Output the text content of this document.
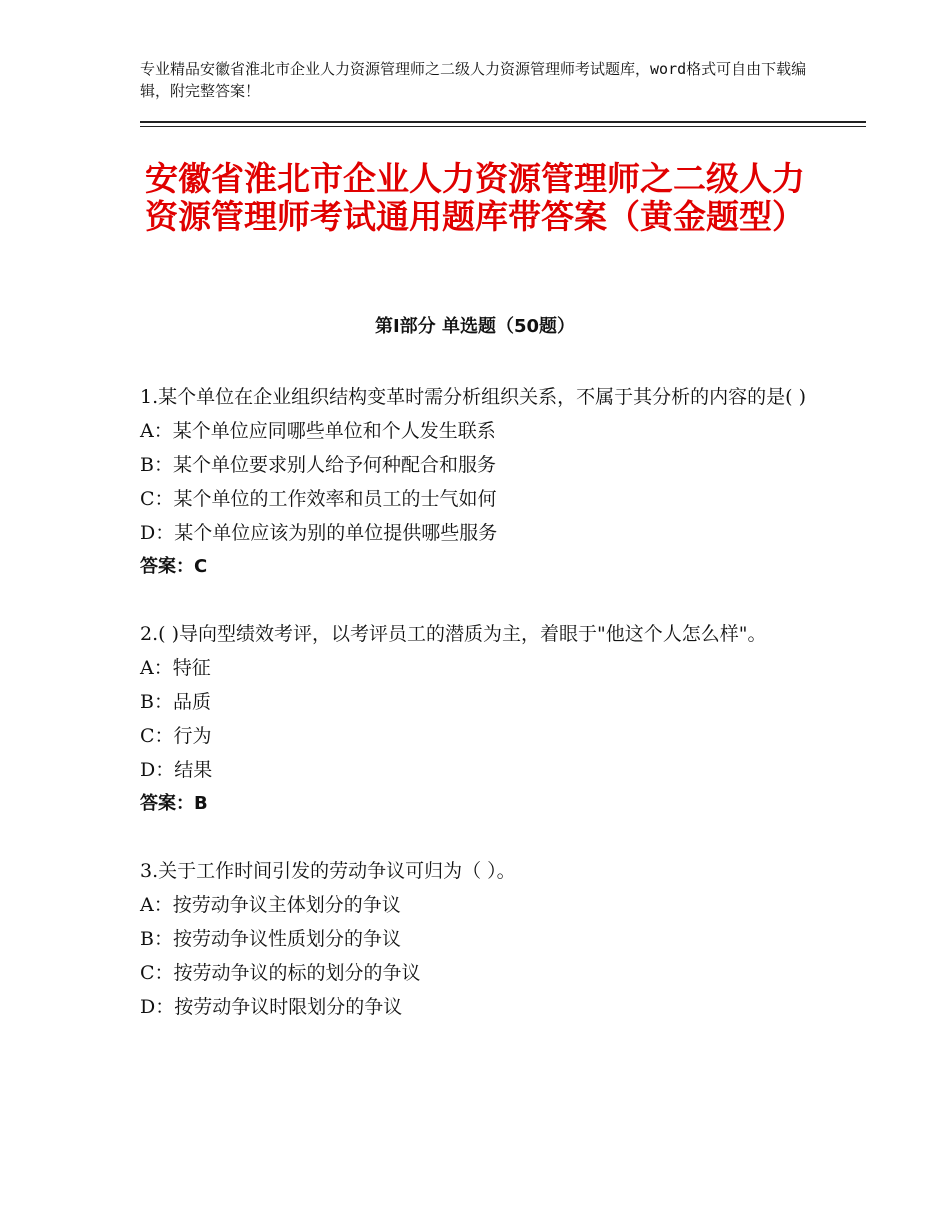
专业精品安徽省淮北市企业人力资源管理师之二级人力资源管理师考试题库，word格式可自由下载编辑，附完整答案！
安徽省淮北市企业人力资源管理师之二级人力资源管理师考试通用题库带答案（黄金题型）
第Ⅰ部分 单选题（50题）
1.某个单位在企业组织结构变革时需分析组织关系，不属于其分析的内容的是( )
A：某个单位应同哪些单位和个人发生联系
B：某个单位要求别人给予何种配合和服务
C：某个单位的工作效率和员工的士气如何
D：某个单位应该为别的单位提供哪些服务
答案：C
2.( )导向型绩效考评，以考评员工的潜质为主，着眼于"他这个人怎么样"。
A：特征
B：品质
C：行为
D：结果
答案：B
3.关于工作时间引发的劳动争议可归为（ ）。
A：按劳动争议主体划分的争议
B：按劳动争议性质划分的争议
C：按劳动争议的标的划分的争议
D：按劳动争议时限划分的争议
